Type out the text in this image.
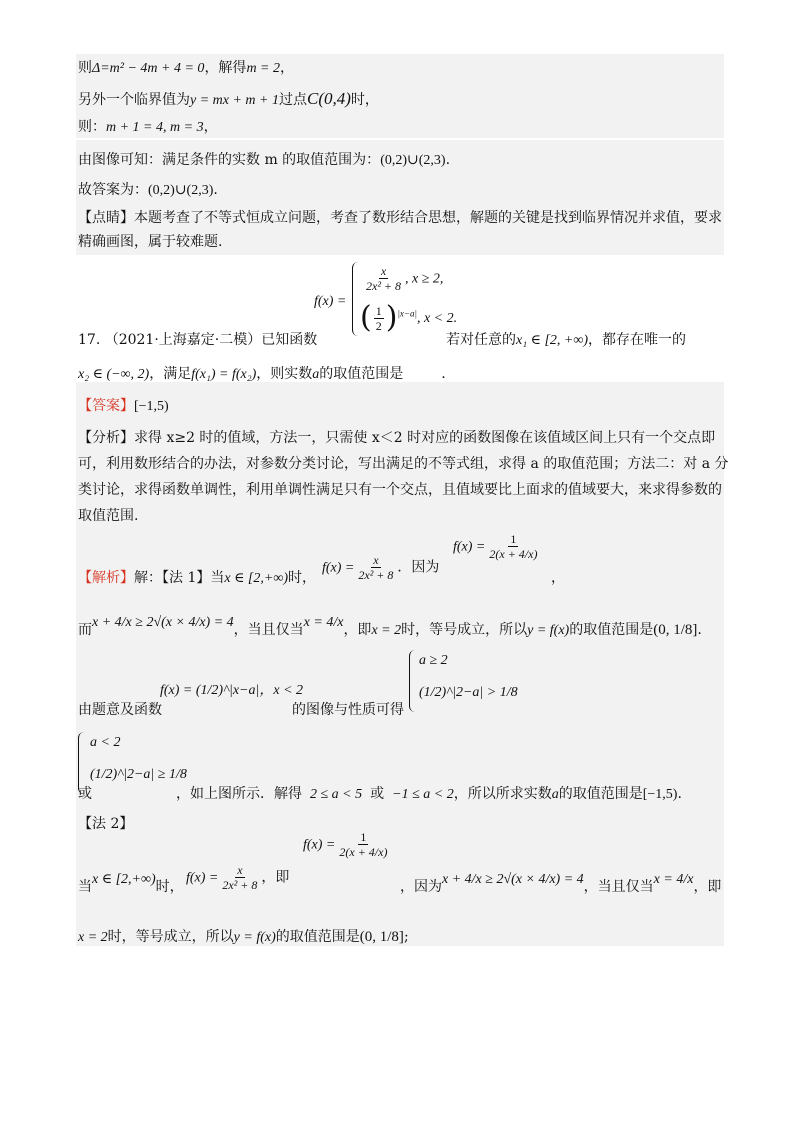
则Δ=m² − 4m + 4 = 0，解得m = 2，
另外一个临界值为y = mx + m + 1过点C(0,4)时，
则：m + 1 = 4, m = 3，
由图像可知：满足条件的实数 m 的取值范围为：(0,2)∪(2,3).
故答案为：(0,2)∪(2,3).
【点睛】本题考查了不等式恒成立问题，考查了数形结合思想，解题的关键是找到临界情况并求值，要求
精确画图，属于较难题.
f(x) =
$\frac{x}{\text{2x² + 8}}$ , x ≥ 2,
( $\frac{1}{2} )^{|x-a|}$, x < 2.
17. （2021·上海嘉定·二模）已知函数	若对任意的x₁ ∈ [2, +∞)，都存在唯一的
x₂ ∈ (−∞, 2)，满足f(x₁) = f(x₂)，则实数a的取值范围是	.
【答案】[−1,5)
【分析】求得 x≥2 时的值域，方法一，只需使 x＜2 时对应的函数图像在该值域区间上只有一个交点即
可，利用数形结合的办法，对参数分类讨论，写出满足的不等式组，求得 a 的取值范围；方法二：对 a 分
类讨论，求得函数单调性，利用单调性满足只有一个交点，且值域要比上面求的值域要大，来求得参数的
取值范围.
$f(x) = \frac{1}{2(x + 4/x)}$
【解析】解：【法 1】当x ∈ [2,+∞)时，
$f(x) = \frac{x}{\text{2x² + 8}}$ ．因为
，
而x + 4/x ≥ 2√(x × 4/x) = 4，当且仅当x = 4/x，即x = 2时，等号成立，所以y = f(x)的取值范围是(0, 1/8].
f(x) = (1/2)^|x−a|，x < 2
由题意及函数	的图像与性质可得
a ≥ 2
(1/2)^|2−a| > 1/8
a < 2
(1/2)^|2−a| ≥ 1/8
或	，如上图所示．解得 2 ≤ a < 5 或 −1 ≤ a < 2，所以所求实数a的取值范围是[−1,5).
【法 2】
$f(x) = \frac{1}{2(x + 4/x)}$
当x ∈ [2,+∞)时，
$f(x) = \frac{x}{\text{2x² + 8}}$ ，即
，因为x + 4/x ≥ 2√(x × 4/x) = 4，当且仅当x = 4/x，即
x = 2时，等号成立，所以y = f(x)的取值范围是(0, 1/8];
